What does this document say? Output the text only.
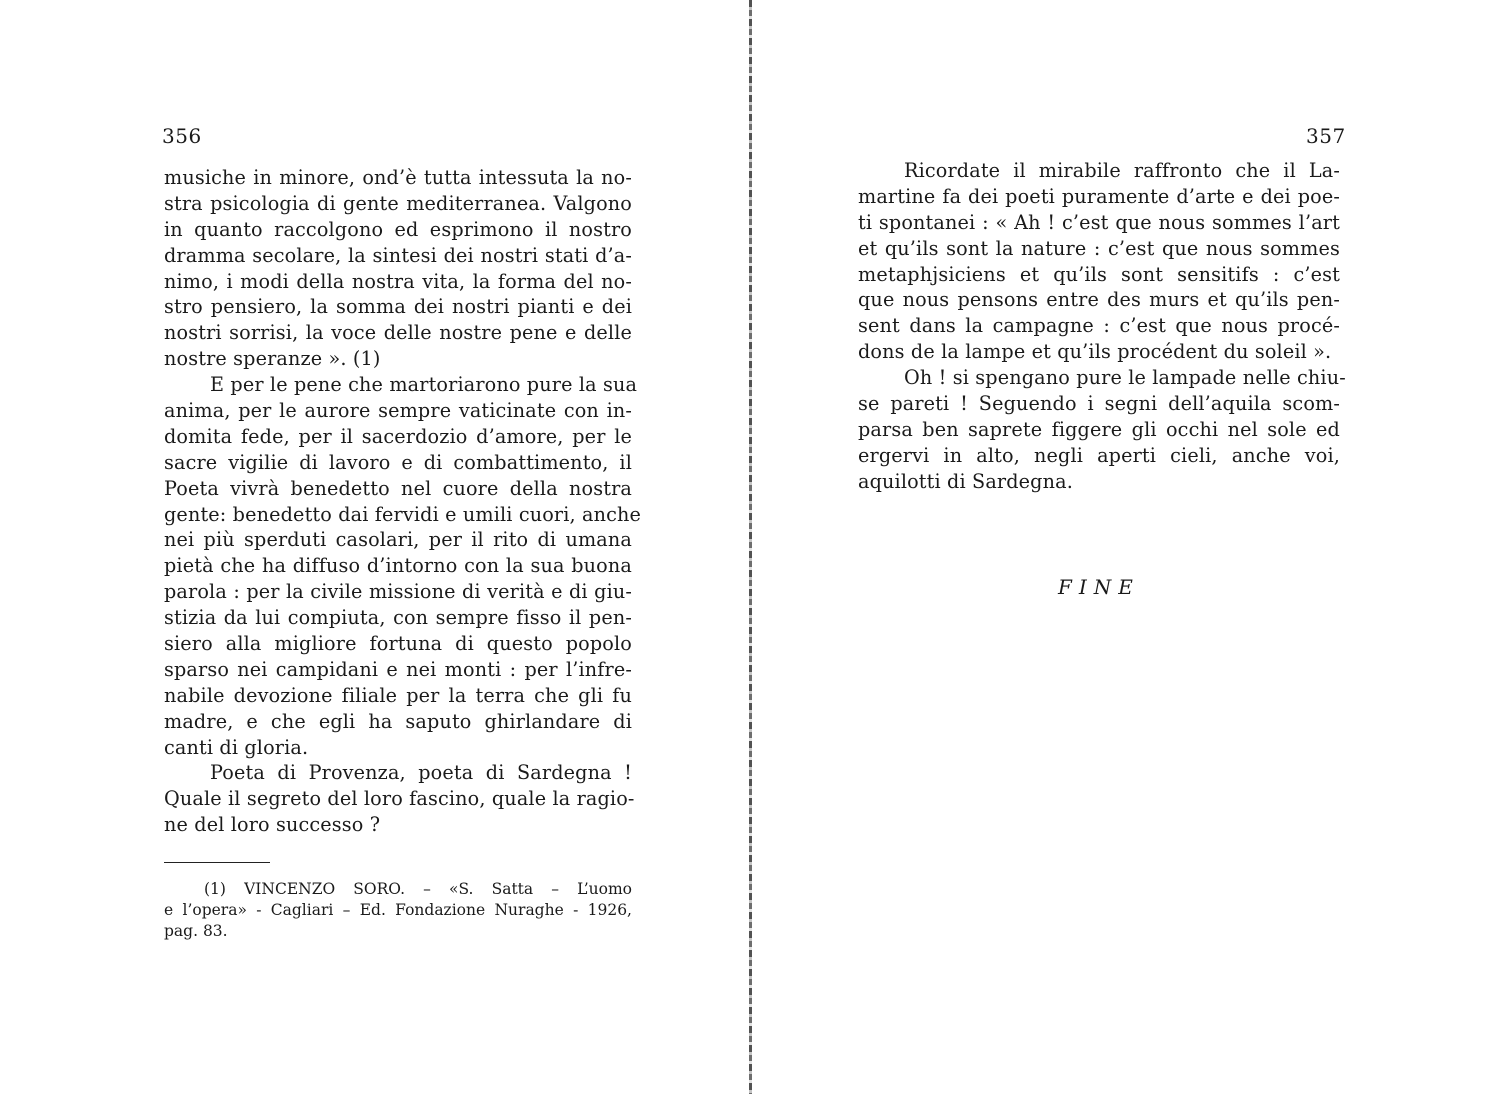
356
musiche in minore, ond’è tutta intessuta la no-
stra psicologia di gente mediterranea. Valgono
in quanto raccolgono ed esprimono il nostro
dramma secolare, la sintesi dei nostri stati d’a-
nimo, i modi della nostra vita, la forma del no-
stro pensiero, la somma dei nostri pianti e dei
nostri sorrisi, la voce delle nostre pene e delle
nostre speranze ». (1)
E per le pene che martoriarono pure la sua
anima, per le aurore sempre vaticinate con in-
domita fede, per il sacerdozio d’amore, per le
sacre vigilie di lavoro e di combattimento, il
Poeta vivrà benedetto nel cuore della nostra
gente: benedetto dai fervidi e umili cuori, anche
nei più sperduti casolari, per il rito di umana
pietà che ha diffuso d’intorno con la sua buona
parola : per la civile missione di verità e di giu-
stizia da lui compiuta, con sempre fisso il pen-
siero alla migliore fortuna di questo popolo
sparso nei campidani e nei monti : per l’infre-
nabile devozione filiale per la terra che gli fu
madre, e che egli ha saputo ghirlandare di
canti di gloria.
Poeta di Provenza, poeta di Sardegna !
Quale il segreto del loro fascino, quale la ragio-
ne del loro successo ?
(1) VINCENZO SORO. – «S. Satta – L’uomo
e l’opera» - Cagliari – Ed. Fondazione Nuraghe - 1926,
pag. 83.
357
Ricordate il mirabile raffronto che il La-
martine fa dei poeti puramente d’arte e dei poe-
ti spontanei : « Ah ! c’est que nous sommes l’art
et qu’ils sont la nature : c’est que nous sommes
metaphjsiciens et qu’ils sont sensitifs : c’est
que nous pensons entre des murs et qu’ils pen-
sent dans la campagne : c’est que nous procé-
dons de la lampe et qu’ils procédent du soleil ».
Oh ! si spengano pure le lampade nelle chiu-
se pareti ! Seguendo i segni dell’aquila scom-
parsa ben saprete figgere gli occhi nel sole ed
ergervi in alto, negli aperti cieli, anche voi,
aquilotti di Sardegna.
FINE
